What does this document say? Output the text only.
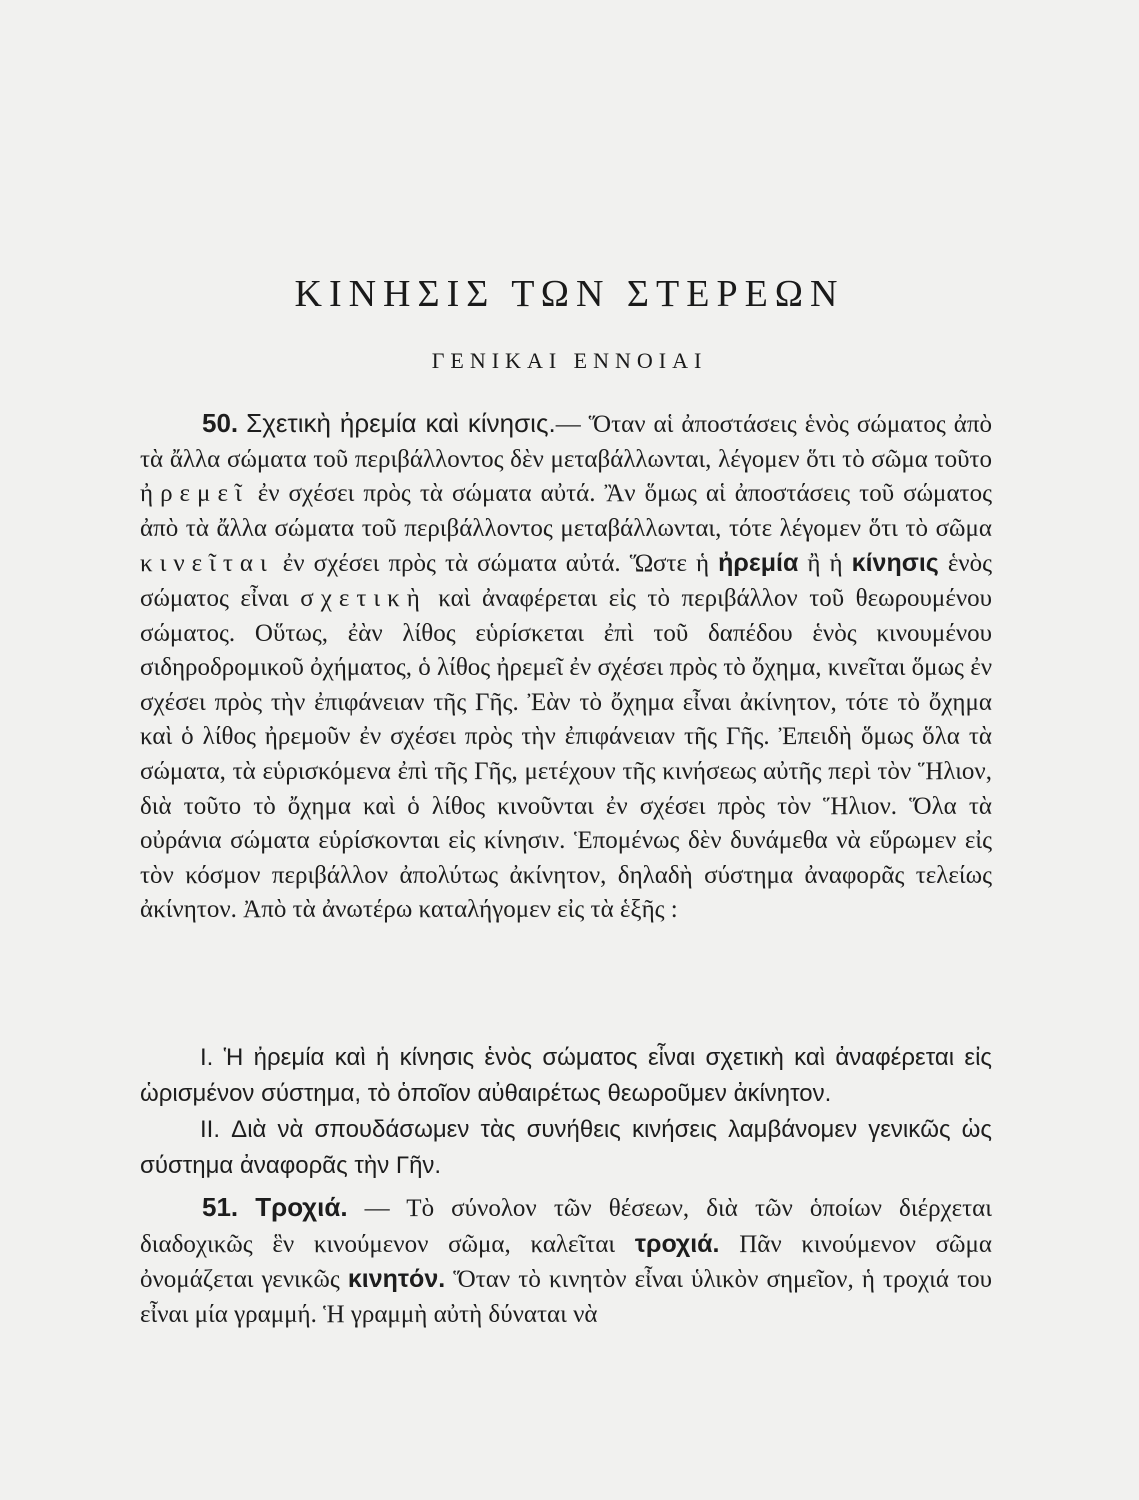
ΚΙΝΗΣΙΣ ΤΩΝ ΣΤΕΡΕΩΝ
ΓΕΝΙΚΑΙ ΕΝΝΟΙΑΙ
50. Σχετικὴ ἠρεμία καὶ κίνησις.— Ὅταν αἱ ἀποστάσεις ἑνὸς σώματος ἀπὸ τὰ ἄλλα σώματα τοῦ περιβάλλοντος δὲν μεταβάλλωνται, λέγομεν ὅτι τὸ σῶμα τοῦτο ἠρεμεῖ ἐν σχέσει πρὸς τὰ σώματα αὐτά. Ἂν ὅμως αἱ ἀποστάσεις τοῦ σώματος ἀπὸ τὰ ἄλλα σώματα τοῦ περιβάλλοντος μεταβάλλωνται, τότε λέγομεν ὅτι τὸ σῶμα κινεῖται ἐν σχέσει πρὸς τὰ σώματα αὐτά. Ὥστε ἡ ἠρεμία ἢ ἡ κίνησις ἑνὸς σώματος εἶναι σχετικὴ καὶ ἀναφέρεται εἰς τὸ περιβάλλον τοῦ θεωρουμένου σώματος. Οὕτως, ἐὰν λίθος εὑρίσκεται ἐπὶ τοῦ δαπέδου ἑνὸς κινουμένου σιδηροδρομικοῦ ὀχήματος, ὁ λίθος ἠρεμεῖ ἐν σχέσει πρὸς τὸ ὄχημα, κινεῖται ὅμως ἐν σχέσει πρὸς τὴν ἐπιφάνειαν τῆς Γῆς. Ἐὰν τὸ ὄχημα εἶναι ἀκίνητον, τότε τὸ ὄχημα καὶ ὁ λίθος ἠρεμοῦν ἐν σχέσει πρὸς τὴν ἐπιφάνειαν τῆς Γῆς. Ἐπειδὴ ὅμως ὅλα τὰ σώματα, τὰ εὑρισκόμενα ἐπὶ τῆς Γῆς, μετέχουν τῆς κινήσεως αὐτῆς περὶ τὸν Ἥλιον, διὰ τοῦτο τὸ ὄχημα καὶ ὁ λίθος κινοῦνται ἐν σχέσει πρὸς τὸν Ἥλιον. Ὅλα τὰ οὐράνια σώματα εὑρίσκονται εἰς κίνησιν. Ἑπομένως δὲν δυνάμεθα νὰ εὕρωμεν εἰς τὸν κόσμον περιβάλλον ἀπολύτως ἀκίνητον, δηλαδὴ σύστημα ἀναφορᾶς τελείως ἀκίνητον. Ἀπὸ τὰ ἀνωτέρω καταλήγομεν εἰς τὰ ἑξῆς :
I. Ἡ ἠρεμία καὶ ἡ κίνησις ἑνὸς σώματος εἶναι σχετικὴ καὶ ἀναφέρεται εἰς ὡρισμένον σύστημα, τὸ ὁποῖον αὐθαιρέτως θεωροῦμεν ἀκίνητον.
II. Διὰ νὰ σπουδάσωμεν τὰς συνήθεις κινήσεις λαμβάνομεν γενικῶς ὡς σύστημα ἀναφορᾶς τὴν Γῆν.
51. Τροχιά. — Τὸ σύνολον τῶν θέσεων, διὰ τῶν ὁποίων διέρχεται διαδοχικῶς ἓν κινούμενον σῶμα, καλεῖται τροχιά. Πᾶν κινούμενον σῶμα ὀνομάζεται γενικῶς κινητόν. Ὅταν τὸ κινητὸν εἶναι ὑλικὸν σημεῖον, ἡ τροχιά του εἶναι μία γραμμή. Ἡ γραμμὴ αὐτὴ δύναται νὰ
